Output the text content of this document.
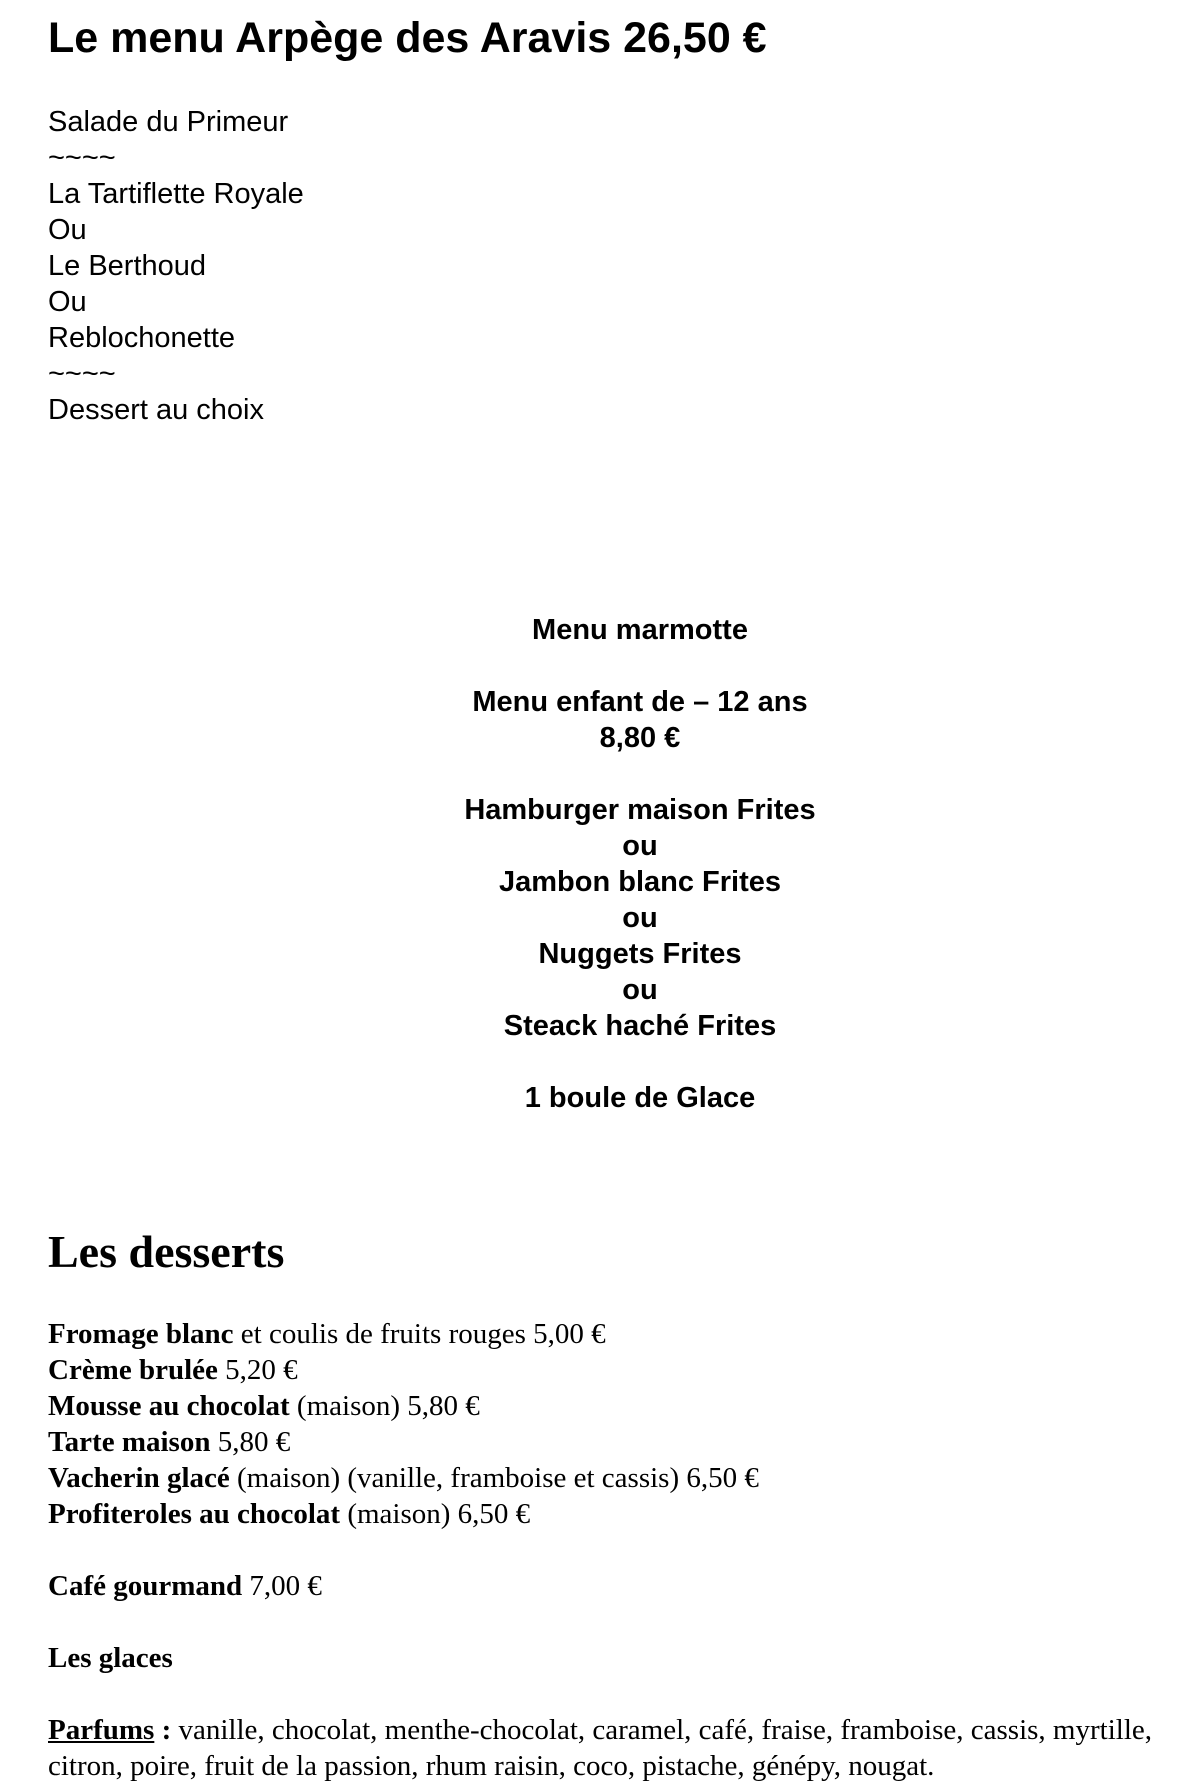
Le menu Arpège des Aravis 26,50 €
Salade du Primeur
~~~~
La Tartiflette Royale
Ou
Le Berthoud
Ou
Reblochonette
~~~~
Dessert au choix
Menu marmotte
Menu enfant de – 12 ans
8,80 €
Hamburger maison Frites
ou
Jambon blanc Frites
ou
Nuggets Frites
ou
Steack haché Frites
1 boule de Glace
Les desserts
Fromage blanc et coulis de fruits rouges 5,00 €
Crème brulée 5,20 €
Mousse au chocolat (maison) 5,80 €
Tarte maison 5,80 €
Vacherin glacé (maison) (vanille, framboise et cassis) 6,50 €
Profiteroles au chocolat (maison) 6,50 €
Café gourmand 7,00 €
Les glaces
Parfums : vanille, chocolat, menthe-chocolat, caramel, café, fraise, framboise, cassis, myrtille, citron, poire, fruit de la passion, rhum raisin, coco, pistache, génépy, nougat.
